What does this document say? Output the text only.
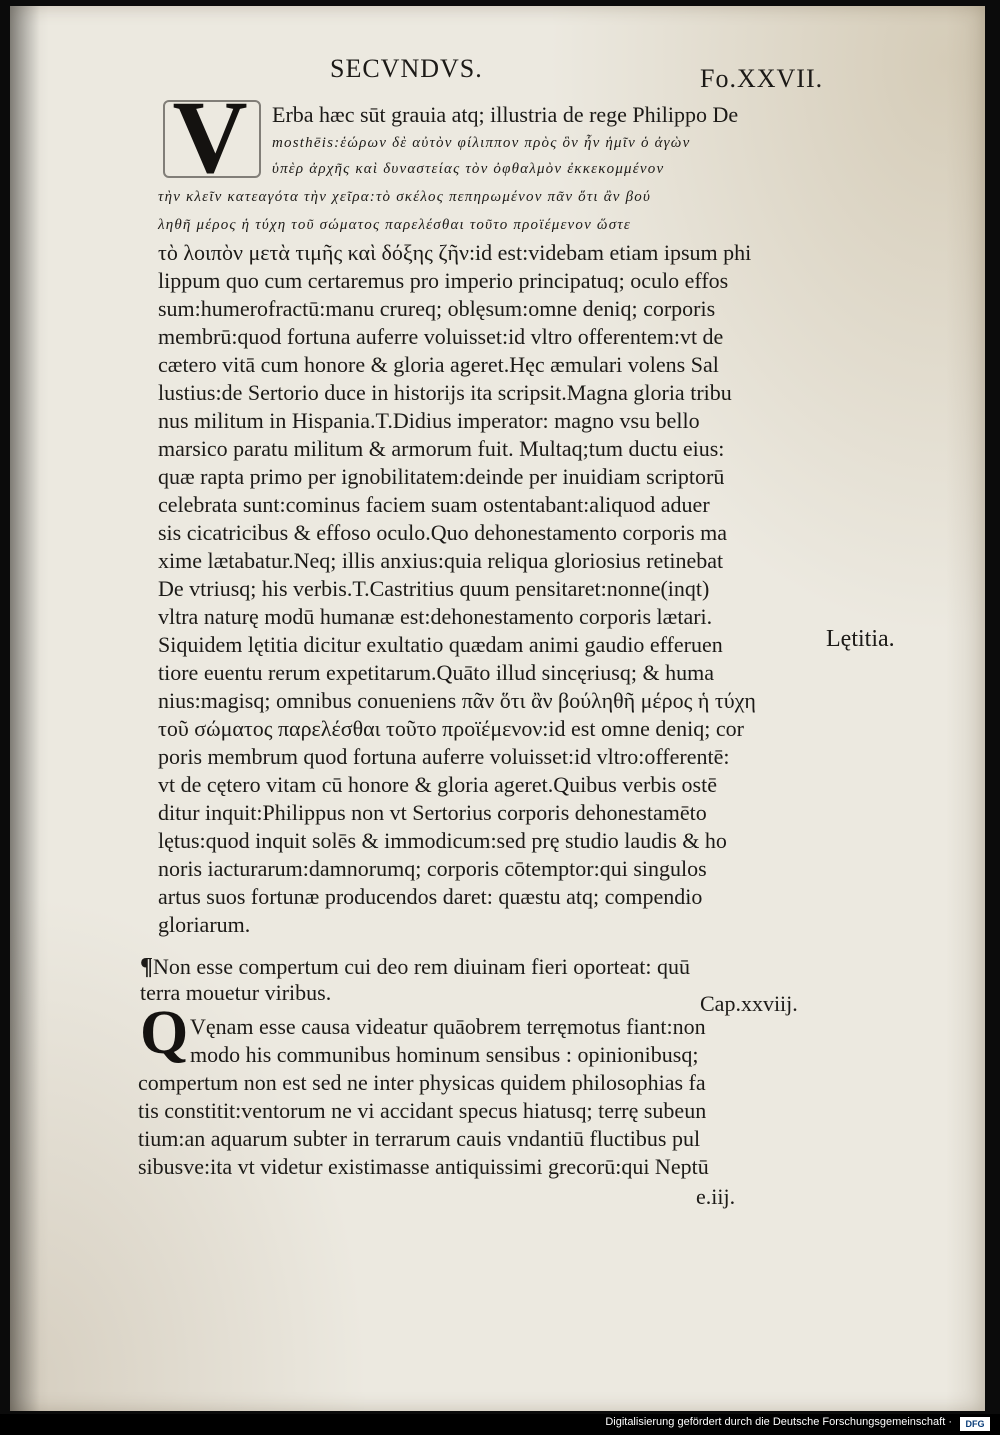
SECVNDVS.	Fo.XXVII.
V	Erba hæc sūt grauia atq; illustria de rege Philippo De
mosthēis:ἑώρων δὲ αὐτὸν φίλιππον πρὸς ὃν ἦν ἡμῖν ὁ ἀγὼν
ὑπὲρ ἀρχῆς καὶ δυναστείας τὸν ὀφθαλμὸν ἐκκεκομμένον
τὴν κλεῖν κατεαγότα τὴν χεῖρα:τὸ σκέλος πεπηρωμένον πᾶν ὅτι ἂν βού
ληθῆ μέρος ἡ τύχη τοῦ σώματος παρελέσθαι τοῦτο προϊέμενον ὥστε
τὸ λοιπὸν μετὰ τιμῆς καὶ δόξης ζῆν:id est:videbam etiam ipsum phi
lippum quo cum certaremus pro imperio principatuq; oculo effos
sum:humerofractū:manu crureq; oblęsum:omne deniq; corporis
membrū:quod fortuna auferre voluisset:id vltro offerentem:vt de
cætero vitā cum honore & gloria ageret.Hęc æmulari volens Sal
lustius:de Sertorio duce in historijs ita scripsit.Magna gloria tribu
nus militum in Hispania.T.Didius imperator: magno vsu bello
marsico paratu militum & armorum fuit. Multaq;tum ductu eius:
quæ rapta primo per ignobilitatem:deinde per inuidiam scriptorū
celebrata sunt:cominus faciem suam ostentabant:aliquod aduer
sis cicatricibus & effoso oculo.Quo dehonestamento corporis ma
xime lætabatur.Neq; illis anxius:quia reliqua gloriosius retinebat
De vtriusq; his verbis.T.Castritius quum pensitaret:nonne(inqt)
vltra naturę modū humanæ est:dehonestamento corporis lætari.
Siquidem lętitia dicitur exultatio quædam animi gaudio efferuen
tiore euentu rerum expetitarum.Quāto illud sincęriusq; & huma
nius:magisq; omnibus conueniens πᾶν ὅτι ἂν βούληθῆ μέρος ἡ τύχη
τοῦ σώματος παρελέσθαι τοῦτο προϊέμενον:id est omne deniq; cor
poris membrum quod fortuna auferre voluisset:id vltro:offerentē:
vt de cętero vitam cū honore & gloria ageret.Quibus verbis ostē
ditur inquit:Philippus non vt Sertorius corporis dehonestamēto
lętus:quod inquit solēs & immodicum:sed prę studio laudis & ho
noris iacturarum:damnorumq; corporis cōtemptor:qui singulos
artus suos fortunæ producendos daret: quæstu atq; compendio
gloriarum.
Lętitia.
¶Non esse compertum cui deo rem diuinam fieri oporteat: quū
terra mouetur viribus.	Cap.xxviij.
Q Vęnam esse causa videatur quāobrem terręmotus fiant:non
modo his communibus hominum sensibus : opinionibusq;
compertum non est sed ne inter physicas quidem philosophias fa
tis constitit:ventorum ne vi accidant specus hiatusq; terrę subeun
tium:an aquarum subter in terrarum cauis vndantiū fluctibus pul
sibusve:ita vt videtur existimasse antiquissimi grecorū:qui Neptū
e.iij.
Digitalisierung gefördert durch die Deutsche Forschungsgemeinschaft ·	DFG
